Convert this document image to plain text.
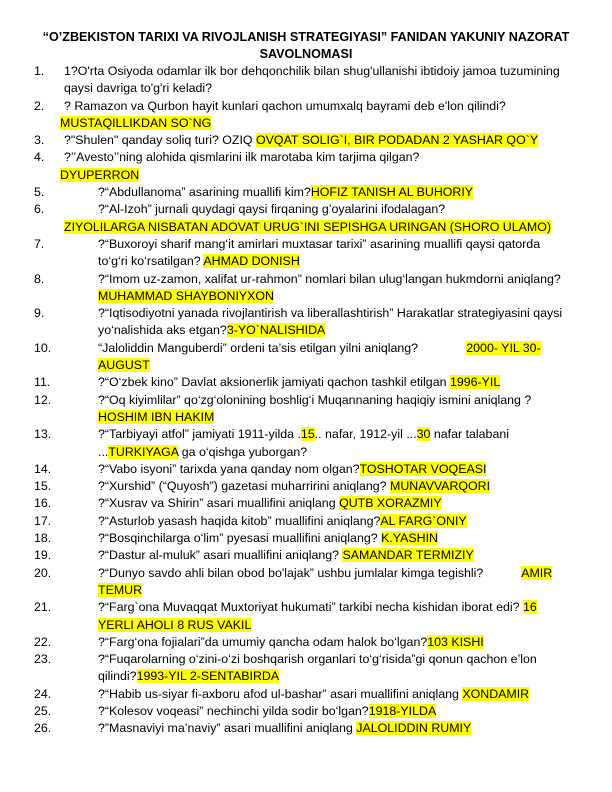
“O’ZBEKISTON TARIXI VA RIVOJLANISH STRATEGIYASI” FANIDAN YAKUNIY NAZORAT
SAVOLNOMASI
1. 1?O'rta Osiyoda odamlar ilk bor dehqonchilik bilan shug'ullanishi ibtidoiy jamoa tuzumining qaysi davriga to'g'ri keladi?
2. ? Ramazon va Qurbon hayit kunlari qachon umumxalq bayrami deb e'lon qilindi?
MUSTAQILLIKDAN SO`NG
3. ?"Shulen" qanday soliq turi? OZIQ OVQAT SOLIG`I, BIR PODADAN 2 YASHAR QO`Y
4. ?’’Avesto’’ning alohida qismlarini ilk marotaba kim tarjima qilgan?
DYUPERRON
5.	?“Abdullanoma” asarining muallifi kim?HOFIZ TANISH AL BUHORIY
6.	?“Al-Izoh” jurnali quydagi qaysi firqaning g’oyalarini ifodalagan?
ZIYOLILARGA NISBATAN ADOVAT URUG`INI SEPISHGA URINGAN (SHORO ULAMO)
7.	?“Buxoroyi sharif mang‘it amirlari muxtasar tarixi” asarining muallifi qaysi qatorda to‘g‘ri ko‘rsatilgan? AHMAD DONISH
8.	?“Imom uz-zamon, xalifat ur-rahmon” nomlari bilan ulug‘langan hukmdorni aniqlang?MUHAMMAD SHAYBONIYXON
9.	?“Iqtisodiyotni yanada rivojlantirish va liberallashtirish” Harakatlar strategiyasini qaysi yo‘nalishida aks etgan?3-YO`NALISHIDA
10.	“Jaloliddin Manguberdi” ordeni ta’sis etilgan yilni aniqlang?	2000- YIL 30-AUGUST
11.	?“O‘zbek kino” Davlat aksionerlik jamiyati qachon tashkil etilgan 1996-YIL
12.	?“Oq kiyimlilar” qo‘zg‘olonining boshlig‘i Muqannaning haqiqiy ismini aniqlang ?
HOSHIM IBN HAKIM
13.	?“Tarbiyayi atfol” jamiyati 1911-yilda .15.. nafar, 1912-yil ...30 nafar talabani ...TURKIYAGA ga o‘qishga yuborgan?
14.	?“Vabo isyoni” tarixda yana qanday nom olgan?TOSHOTAR VOQEASI
15.	?“Xurshid” (“Quyosh”) gazetasi muharririni aniqlang? MUNAVVARQORI
16.	?“Xusrav va Shirin” asari muallifini aniqlang QUTB XORAZMIY
17.	?“Asturlob yasash haqida kitob” muallifini aniqlang?AL FARG`ONIY
18.	?“Bosqinchilarga o‘lim” pyesasi muallifini aniqlang? K.YASHIN
19.	?“Dastur al-muluk” asari muallifini aniqlang? SAMANDAR TERMIZIY
20.	?“Dunyo savdo ahli bilan obod bo'lajak” ushbu jumlalar kimga tegishli?	AMIR TEMUR
21.	?“Farg`ona Muvaqqat Muxtoriyat hukumati” tarkibi necha kishidan iborat edi? 16 YERLI AHOLI 8 RUS VAKIL
22.	?“Farg‘ona fojialari”da umumiy qancha odam halok bo‘lgan?103 KISHI
23.	?“Fuqarolarning o‘zini-o‘zi boshqarish organlari to‘g‘risida”gi qonun qachon e’lon qilindi?1993-YIL 2-SENTABIRDA
24.	?“Habib us-siyar fi-axboru afod ul-bashar” asari muallifini aniqlang XONDAMIR
25.	?“Kolesov voqeasi” nechinchi yilda sodir bo‘lgan?1918-YILDA
26.	?”Masnaviyi ma’naviy” asari muallifini aniqlang JALOLIDDIN RUMIY
